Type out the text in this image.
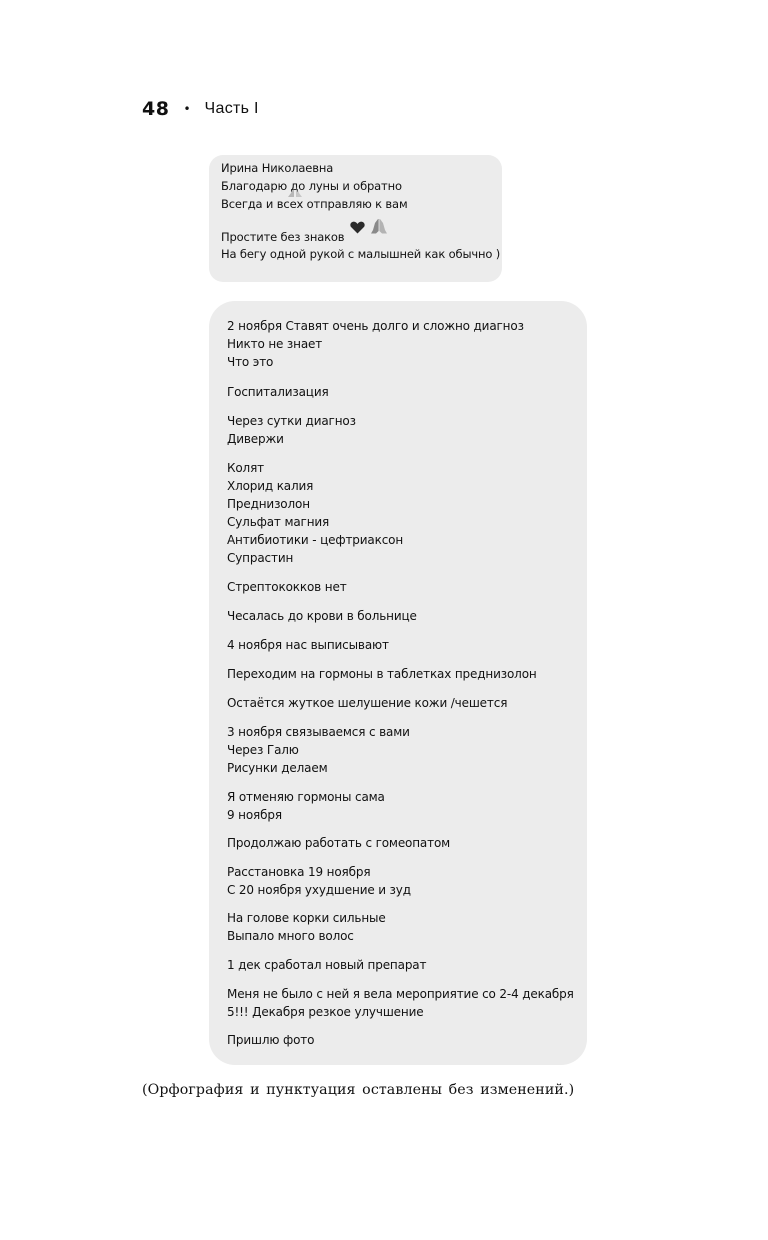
48 • Часть I
Ирина Николаевна
Благодарю до луны и обратно
Всегда и всех отправляю к вам
Простите без знаков
На бегу одной рукой с малышней как обычно )
2 ноября Ставят очень долго и сложно диагноз
Никто не знает
Что это
Госпитализация
Через сутки диагноз
Дивержи
Колят
Хлорид калия
Преднизолон
Сульфат магния
Антибиотики - цефтриаксон
Супрастин
Стрептококков нет
Чесалась до крови в больнице
4 ноября нас выписывают
Переходим на гормоны в таблетках преднизолон
Остаётся жуткое шелушение кожи /чешется
3 ноября связываемся с вами
Через Галю
Рисунки делаем
Я отменяю гормоны сама
9 ноября
Продолжаю работать с гомеопатом
Расстановка 19 ноября
С 20 ноября ухудшение и зуд
На голове корки сильные
Выпало много волос
1 дек сработал новый препарат
Меня не было с ней я вела мероприятие со 2-4 декабря
5!!! Декабря резкое улучшение
Пришлю фото
(Орфография и пунктуация оставлены без изменений.)
